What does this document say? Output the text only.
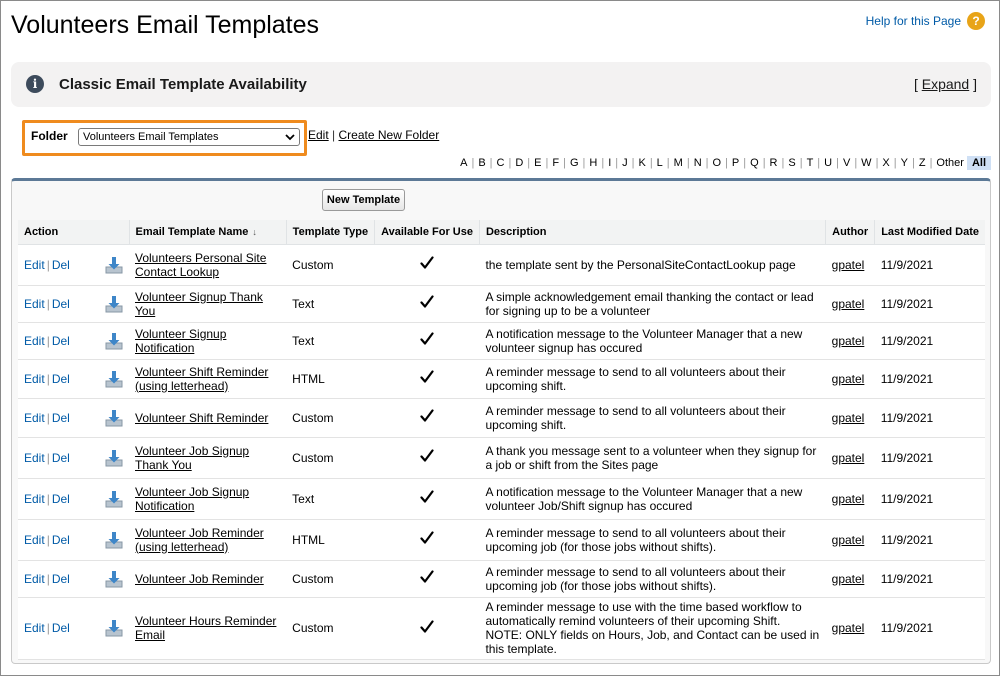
Volunteers Email Templates	Help for this Page ?
i	Classic Email Template Availability	[ Expand ]
Folder	Volunteers Email Templates	Edit | Create New Folder
A | B | C | D | E | F | G | H | I | J | K | L | M | N | O | P | Q | R | S | T | U | V | W | X | Y | Z | Other All
New Template
Action		Email Template Name ↓	Template Type	Available For Use	Description	Author	Last Modified Date
Edit | Del		Volunteers Personal Site Contact Lookup	Custom		the template sent by the PersonalSiteContactLookup page	gpatel	11/9/2021
Edit | Del		Volunteer Signup Thank You	Text		A simple acknowledgement email thanking the contact or lead for signing up to be a volunteer	gpatel	11/9/2021
Edit | Del		Volunteer Signup Notification	Text		A notification message to the Volunteer Manager that a new volunteer signup has occured	gpatel	11/9/2021
Edit | Del		Volunteer Shift Reminder (using letterhead)	HTML		A reminder message to send to all volunteers about their upcoming shift.	gpatel	11/9/2021
Edit | Del		Volunteer Shift Reminder	Custom		A reminder message to send to all volunteers about their upcoming shift.	gpatel	11/9/2021
Edit | Del		Volunteer Job Signup Thank You	Custom		A thank you message sent to a volunteer when they signup for a job or shift from the Sites page	gpatel	11/9/2021
Edit | Del		Volunteer Job Signup Notification	Text		A notification message to the Volunteer Manager that a new volunteer Job/Shift signup has occured	gpatel	11/9/2021
Edit | Del		Volunteer Job Reminder (using letterhead)	HTML		A reminder message to send to all volunteers about their upcoming job (for those jobs without shifts).	gpatel	11/9/2021
Edit | Del		Volunteer Job Reminder	Custom		A reminder message to send to all volunteers about their upcoming job (for those jobs without shifts).	gpatel	11/9/2021
Edit | Del		Volunteer Hours Reminder Email	Custom		A reminder message to use with the time based workflow to automatically remind volunteers of their upcoming Shift. NOTE: ONLY fields on Hours, Job, and Contact can be used in this template.	gpatel	11/9/2021
